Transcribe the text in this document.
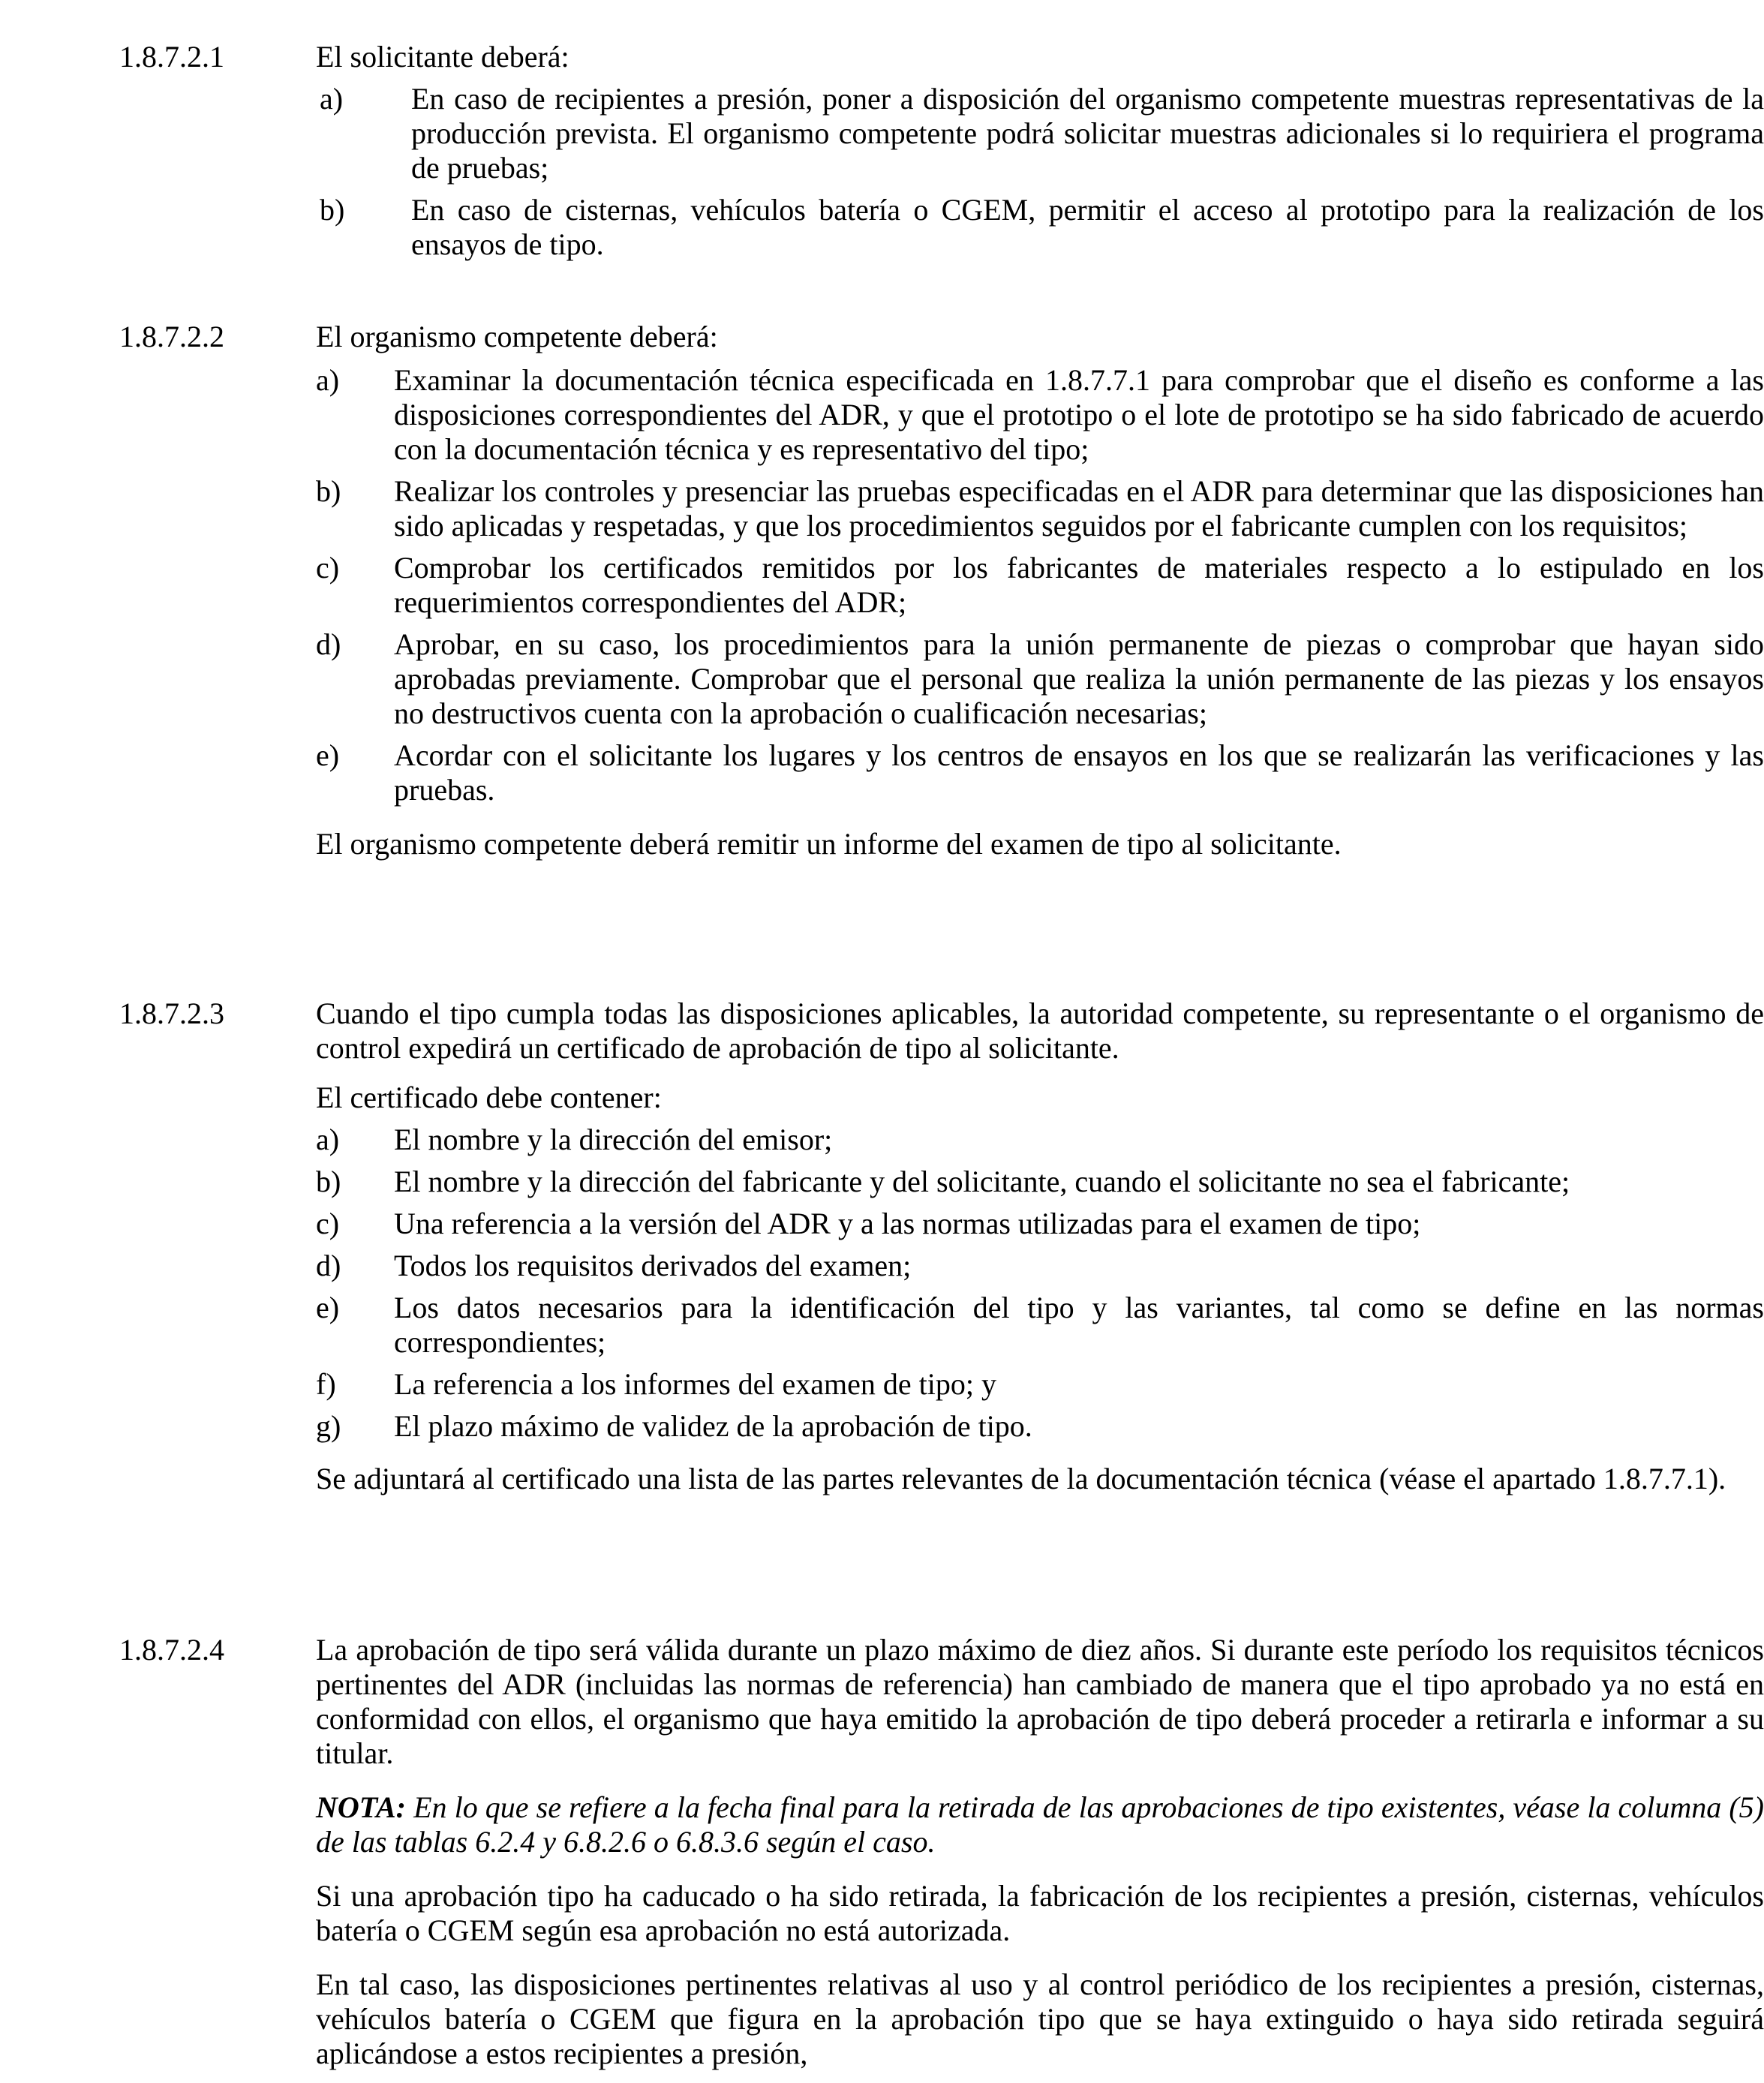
1.8.7.2.1	El solicitante deberá:

a) En caso de recipientes a presión, poner a disposición del organismo competente muestras representativas de la producción prevista. El organismo competente podrá solicitar muestras adicionales si lo requiriera el programa de pruebas;
b) En caso de cisternas, vehículos batería o CGEM, permitir el acceso al prototipo para la realización de los ensayos de tipo.
1.8.7.2.2	El organismo competente deberá:

a) Examinar la documentación técnica especificada en 1.8.7.7.1 para comprobar que el diseño es conforme a las disposiciones correspondientes del ADR, y que el prototipo o el lote de prototipo se ha sido fabricado de acuerdo con la documentación técnica y es representativo del tipo;
b) Realizar los controles y presenciar las pruebas especificadas en el ADR para determinar que las disposiciones han sido aplicadas y respetadas, y que los procedimientos seguidos por el fabricante cumplen con los requisitos;
c) Comprobar los certificados remitidos por los fabricantes de materiales respecto a lo estipulado en los requerimientos correspondientes del ADR;
d) Aprobar, en su caso, los procedimientos para la unión permanente de piezas o comprobar que hayan sido aprobadas previamente. Comprobar que el personal que realiza la unión permanente de las piezas y los ensayos no destructivos cuenta con la aprobación o cualificación necesarias;
e) Acordar con el solicitante los lugares y los centros de ensayos en los que se realizarán las verificaciones y las pruebas.

El organismo competente deberá remitir un informe del examen de tipo al solicitante.

1.8.7.2.3	Cuando el tipo cumpla todas las disposiciones aplicables, la autoridad competente, su representante o el organismo de control expedirá un certificado de aprobación de tipo al solicitante.

El certificado debe contener:

a) El nombre y la dirección del emisor;
b) El nombre y la dirección del fabricante y del solicitante, cuando el solicitante no sea el fabricante;
c) Una referencia a la versión del ADR y a las normas utilizadas para el examen de tipo;
d) Todos los requisitos derivados del examen;
e) Los datos necesarios para la identificación del tipo y las variantes, tal como se define en las normas correspondientes;
f) La referencia a los informes del examen de tipo; y
g) El plazo máximo de validez de la aprobación de tipo.

Se adjuntará al certificado una lista de las partes relevantes de la documentación técnica (véase el apartado 1.8.7.7.1).

1.8.7.2.4	La aprobación de tipo será válida durante un plazo máximo de diez años. Si durante este período los requisitos técnicos pertinentes del ADR (incluidas las normas de referencia) han cambiado de manera que el tipo aprobado ya no está en conformidad con ellos, el organismo que haya emitido la aprobación de tipo deberá proceder a retirarla e informar a su titular.

NOTA: En lo que se refiere a la fecha final para la retirada de las aprobaciones de tipo existentes, véase la columna (5) de las tablas 6.2.4 y 6.8.2.6 o 6.8.3.6 según el caso.

Si una aprobación tipo ha caducado o ha sido retirada, la fabricación de los recipientes a presión, cisternas, vehículos batería o CGEM según esa aprobación no está autorizada.

En tal caso, las disposiciones pertinentes relativas al uso y al control periódico de los recipientes a presión, cisternas, vehículos batería o CGEM que figura en la aprobación tipo que se haya extinguido o haya sido retirada seguirá aplicándose a estos recipientes a presión,
